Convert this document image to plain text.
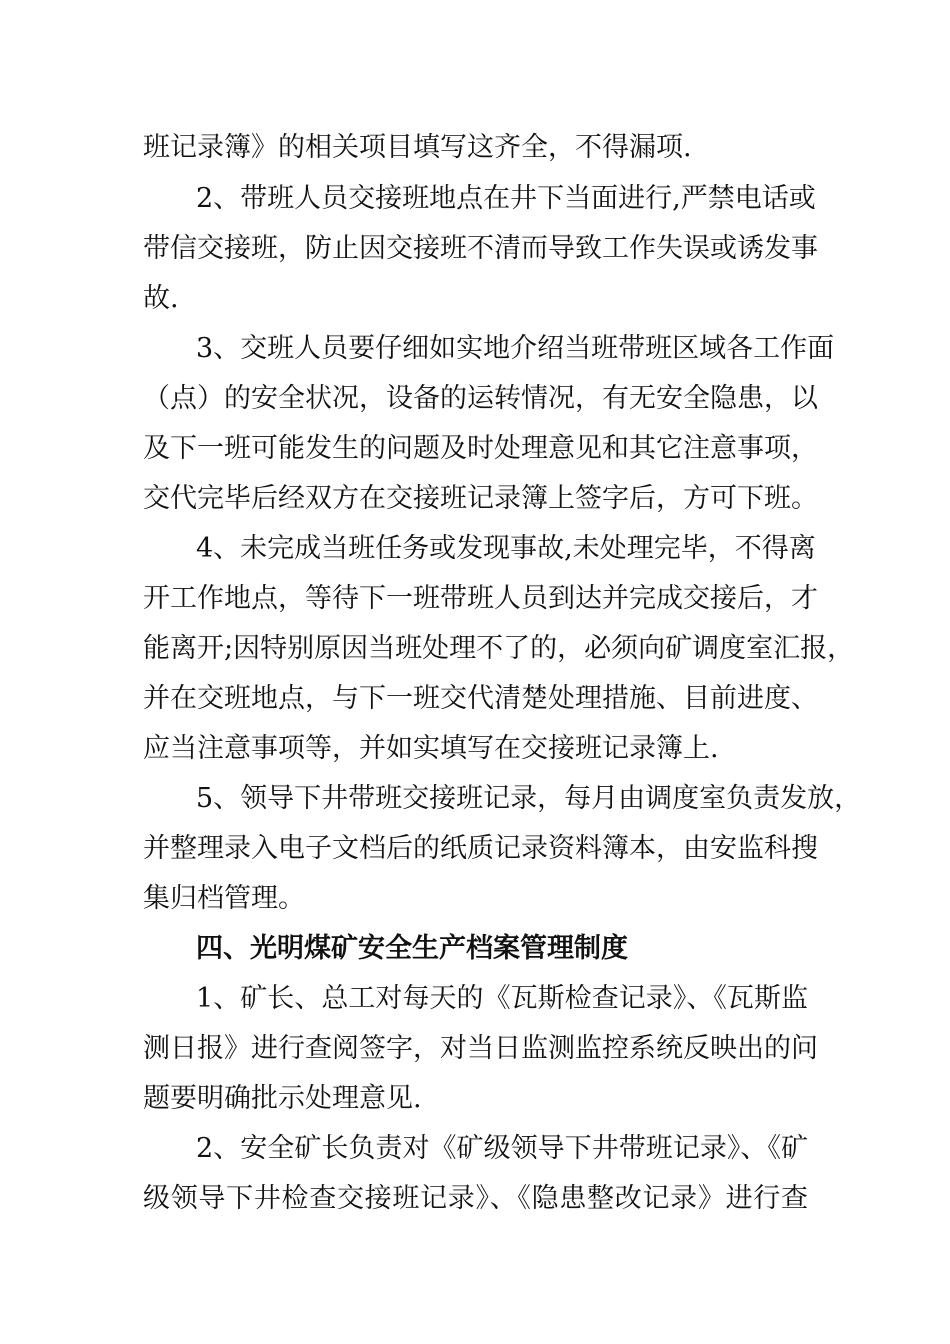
班记录簿》的相关项目填写这齐全，不得漏项.
2、带班人员交接班地点在井下当面进行,严禁电话或
带信交接班，防止因交接班不清而导致工作失误或诱发事
故.
3、交班人员要仔细如实地介绍当班带班区域各工作面
（点）的安全状况，设备的运转情况，有无安全隐患，以
及下一班可能发生的问题及时处理意见和其它注意事项，
交代完毕后经双方在交接班记录簿上签字后，方可下班。
4、未完成当班任务或发现事故,未处理完毕，不得离
开工作地点，等待下一班带班人员到达并完成交接后，才
能离开;因特别原因当班处理不了的，必须向矿调度室汇报，
并在交班地点，与下一班交代清楚处理措施、目前进度、
应当注意事项等，并如实填写在交接班记录簿上.
5、领导下井带班交接班记录，每月由调度室负责发放，
并整理录入电子文档后的纸质记录资料簿本，由安监科搜
集归档管理。
四、光明煤矿安全生产档案管理制度
1、矿长、总工对每天的《瓦斯检查记录》、《瓦斯监
测日报》进行查阅签字，对当日监测监控系统反映出的问
题要明确批示处理意见.
2、安全矿长负责对《矿级领导下井带班记录》、《矿
级领导下井检查交接班记录》、《隐患整改记录》进行查
